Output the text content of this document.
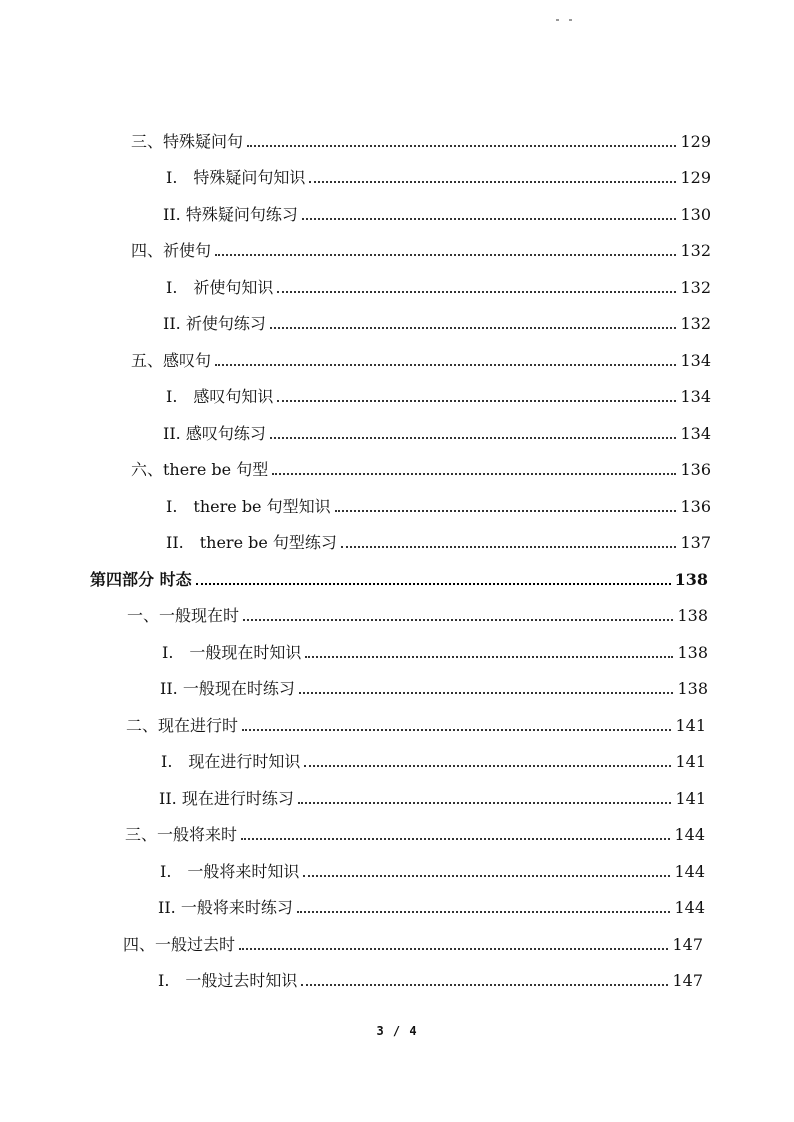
三、特殊疑问句	129
I.　特殊疑问句知识	129
II. 特殊疑问句练习	130
四、祈使句	132
I.　祈使句知识	132
II. 祈使句练习	132
五、感叹句	134
I.　感叹句知识	134
II. 感叹句练习	134
六、there be 句型	136
I.　there be 句型知识	136
II.　there be 句型练习	137
第四部分 时态	138
一、一般现在时	138
I.　一般现在时知识	138
II. 一般现在时练习	138
二、现在进行时	141
I.　现在进行时知识	141
II. 现在进行时练习	141
三、一般将来时	144
I.　一般将来时知识	144
II. 一般将来时练习	144
四、一般过去时	147
I.　一般过去时知识	147
3 / 4
